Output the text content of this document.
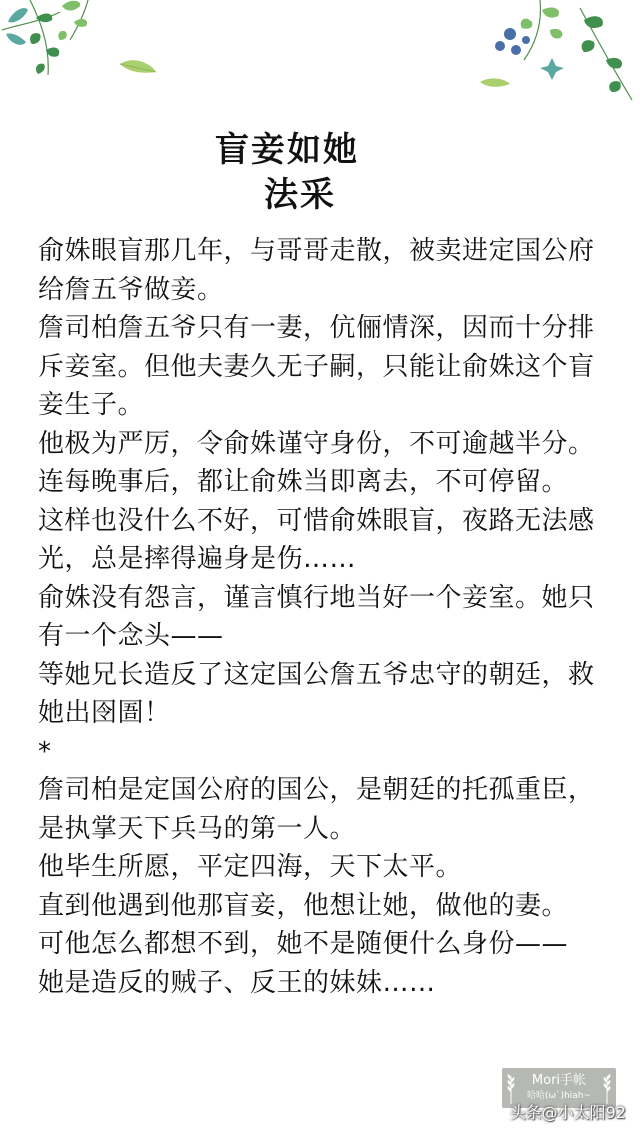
盲妾如她
法采

俞姝眼盲那几年，与哥哥走散，被卖进定国公府给詹五爷做妾。

詹司柏詹五爷只有一妻，伉俪情深，因而十分排斥妾室。但他夫妻久无子嗣，只能让俞姝这个盲妾生子。

他极为严厉，令俞姝谨守身份，不可逾越半分。

连每晚事后，都让俞姝当即离去，不可停留。

这样也没什么不好，可惜俞姝眼盲，夜路无法感光，总是摔得遍身是伤……

俞姝没有怨言，谨言慎行地当好一个妾室。她只有一个念头——

等她兄长造反了这定国公詹五爷忠守的朝廷，救她出囹圄！

*

詹司柏是定国公府的国公，是朝廷的托孤重臣，是执掌天下兵马的第一人。

他毕生所愿，平定四海，天下太平。

直到他遇到他那盲妾，他想让她，做他的妻。

可他怎么都想不到，她不是随便什么身份——

她是造反的贼子、反王的妹妹……

Mori手帐
哈哈(ω`)hiah~
头条@小太阳92
